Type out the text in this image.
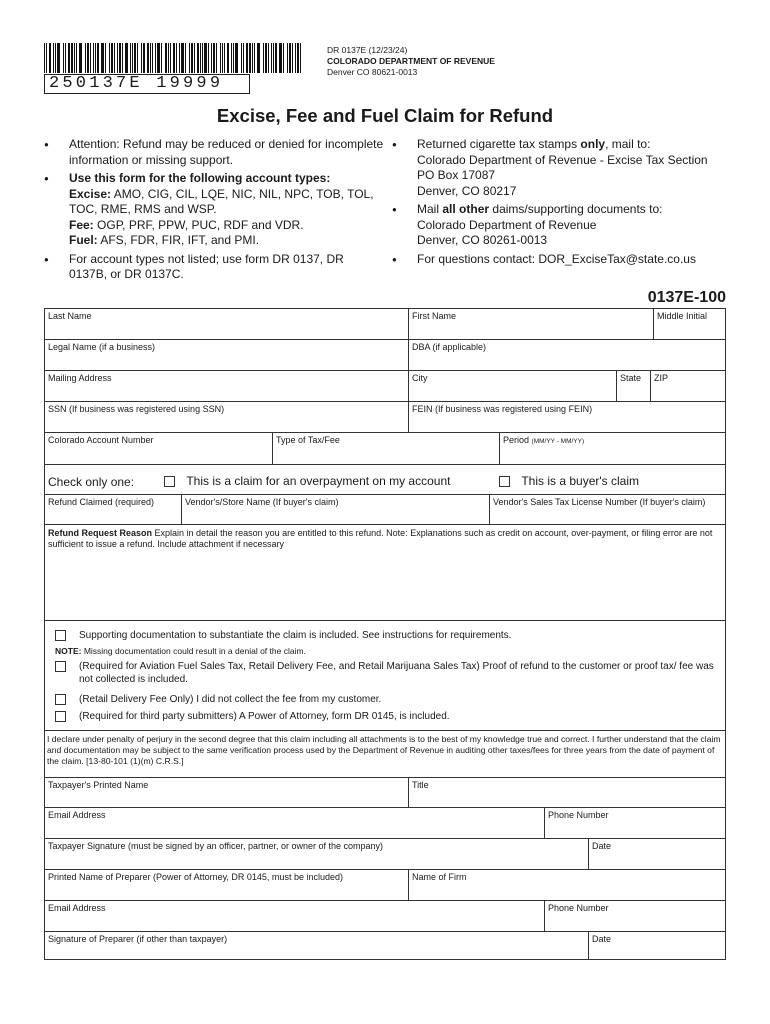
250137E 19999
DR 0137E (12/23/24)
COLORADO DEPARTMENT OF REVENUE
Denver CO 80621-0013
Excise, Fee and Fuel Claim for Refund
● Attention: Refund may be reduced or denied for incomplete information or missing support.
● Use this form for the following account types:
Excise: AMO, CIG, CIL, LQE, NIC, NIL, NPC, TOB, TOL, TOC, RME, RMS and WSP.
Fee: OGP, PRF, PPW, PUC, RDF and VDR.
Fuel: AFS, FDR, FIR, IFT, and PMI.
● For account types not listed; use form DR 0137, DR 0137B, or DR 0137C.
● Returned cigarette tax stamps only, mail to:
Colorado Department of Revenue - Excise Tax Section
PO Box 17087
Denver, CO 80217
● Mail all other daims/supporting documents to:
Colorado Department of Revenue
Denver, CO 80261-0013
● For questions contact: DOR_ExciseTax@state.co.us
0137E-100
Last Name	First Name	Middle Initial
Legal Name (if a business)	DBA (if applicable)
Mailing Address	City	State	ZIP
SSN (If business was registered using SSN)	FEIN (If business was registered using FEIN)
Colorado Account Number	Type of Tax/Fee	Period (MM/YY - MM/YY)
Check only one:	This is a claim for an overpayment on my account	This is a buyer's claim
Refund Claimed (required)	Vendor's/Store Name (If buyer's claim)	Vendor's Sales Tax License Number (If buyer's claim)
Refund Request Reason Explain in detail the reason you are entitled to this refund. Note: Explanations such as credit on account, over-payment, or filing error are not sufficient to issue a refund. Include attachment if necessary
Supporting documentation to substantiate the claim is included. See instructions for requirements.
NOTE: Missing documentation could result in a denial of the claim.
(Required for Aviation Fuel Sales Tax, Retail Delivery Fee, and Retail Marijuana Sales Tax) Proof of refund to the customer or proof tax/ fee was not collected is included.
(Retail Delivery Fee Only) I did not collect the fee from my customer.
(Required for third party submitters) A Power of Attorney, form DR 0145, is included.
I declare under penalty of perjury in the second degree that this claim including all attachments is to the best of my knowledge true and correct. I further understand that the claim and documentation may be subject to the same verification process used by the Department of Revenue in auditing other taxes/fees for three years from the date of payment of the claim. [13-80-101 (1)(m) C.R.S.]
Taxpayer's Printed Name	Title
Email Address	Phone Number
Taxpayer Signature (must be signed by an officer, partner, or owner of the company)	Date
Printed Name of Preparer (Power of Attorney, DR 0145, must be included)	Name of Firm
Email Address	Phone Number
Signature of Preparer (if other than taxpayer)	Date
